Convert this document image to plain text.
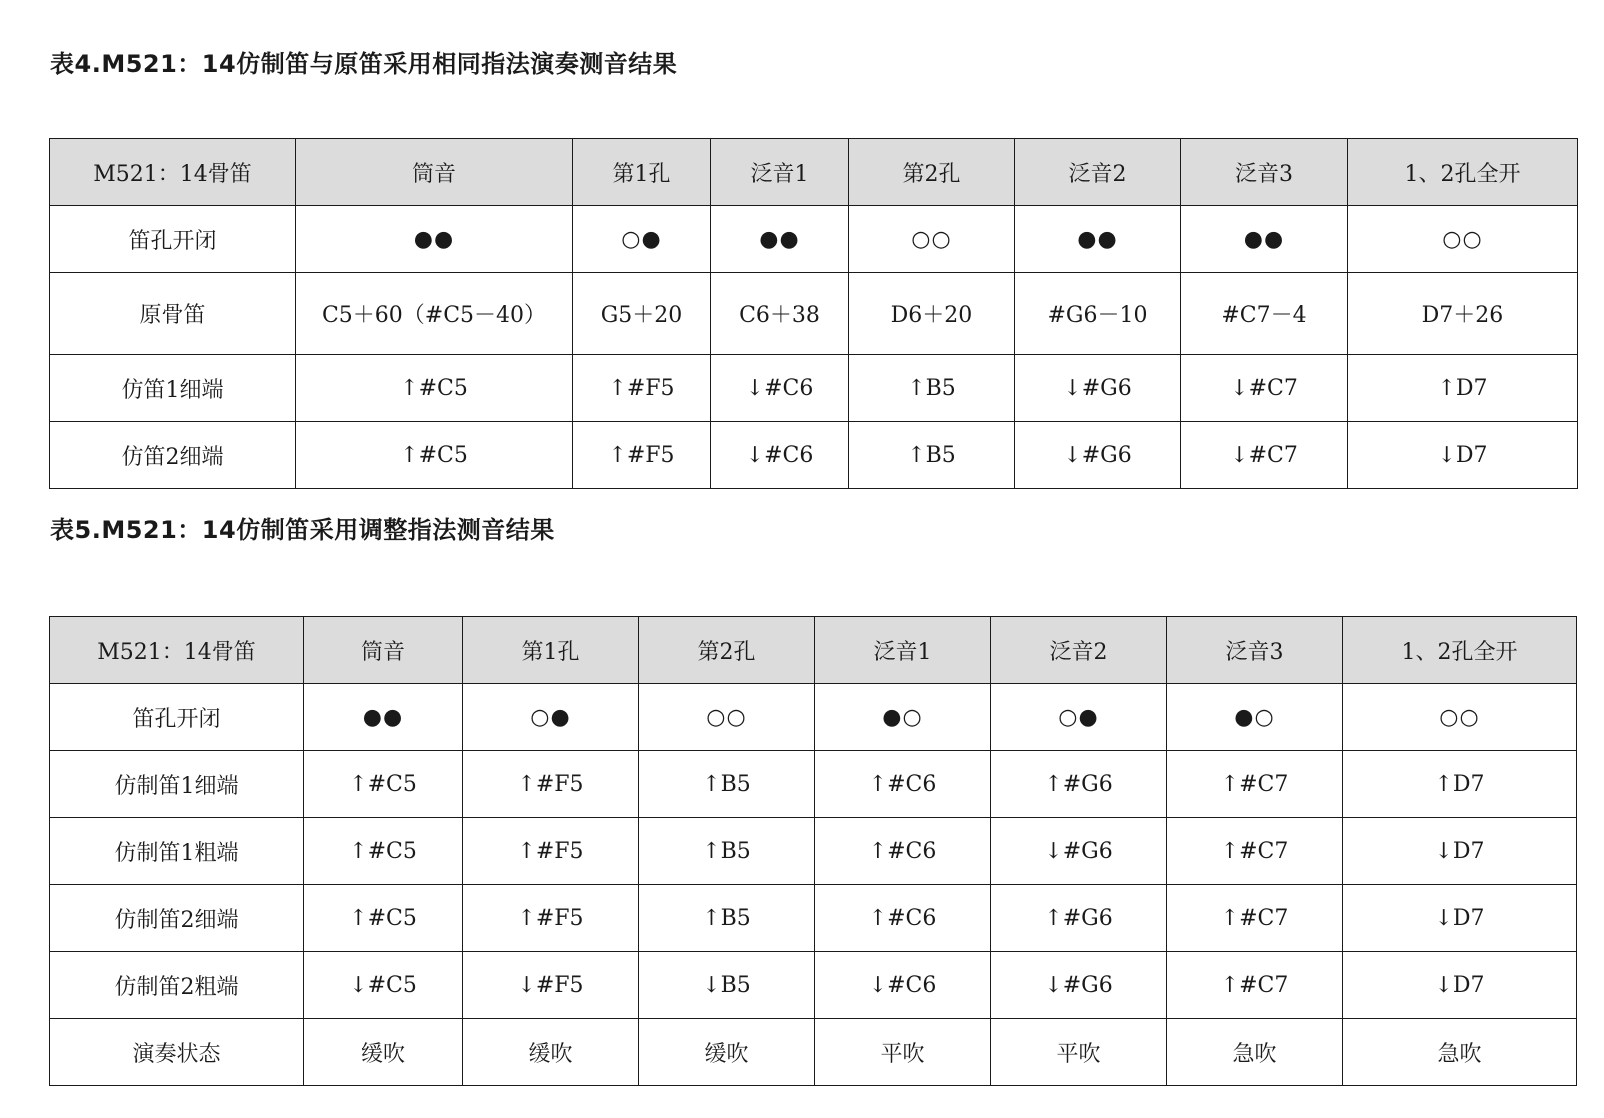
表4.M521：14仿制笛与原笛采用相同指法演奏测音结果
M521：14骨笛	筒音	第1孔	泛音1	第2孔	泛音2	泛音3	1、2孔全开
笛孔开闭	●●	○●	●●	○○	●●	●●	○○
原骨笛	C5＋60（#C5－40）	G5＋20	C6＋38	D6＋20	#G6－10	#C7－4	D7＋26
仿笛1细端	↑#C5	↑#F5	↓#C6	↑B5	↓#G6	↓#C7	↑D7
仿笛2细端	↑#C5	↑#F5	↓#C6	↑B5	↓#G6	↓#C7	↓D7
表5.M521：14仿制笛采用调整指法测音结果
M521：14骨笛	筒音	第1孔	第2孔	泛音1	泛音2	泛音3	1、2孔全开
笛孔开闭	●●	○●	○○	●○	○●	●○	○○
仿制笛1细端	↑#C5	↑#F5	↑B5	↑#C6	↑#G6	↑#C7	↑D7
仿制笛1粗端	↑#C5	↑#F5	↑B5	↑#C6	↓#G6	↑#C7	↓D7
仿制笛2细端	↑#C5	↑#F5	↑B5	↑#C6	↑#G6	↑#C7	↓D7
仿制笛2粗端	↓#C5	↓#F5	↓B5	↓#C6	↓#G6	↑#C7	↓D7
演奏状态	缓吹	缓吹	缓吹	平吹	平吹	急吹	急吹
